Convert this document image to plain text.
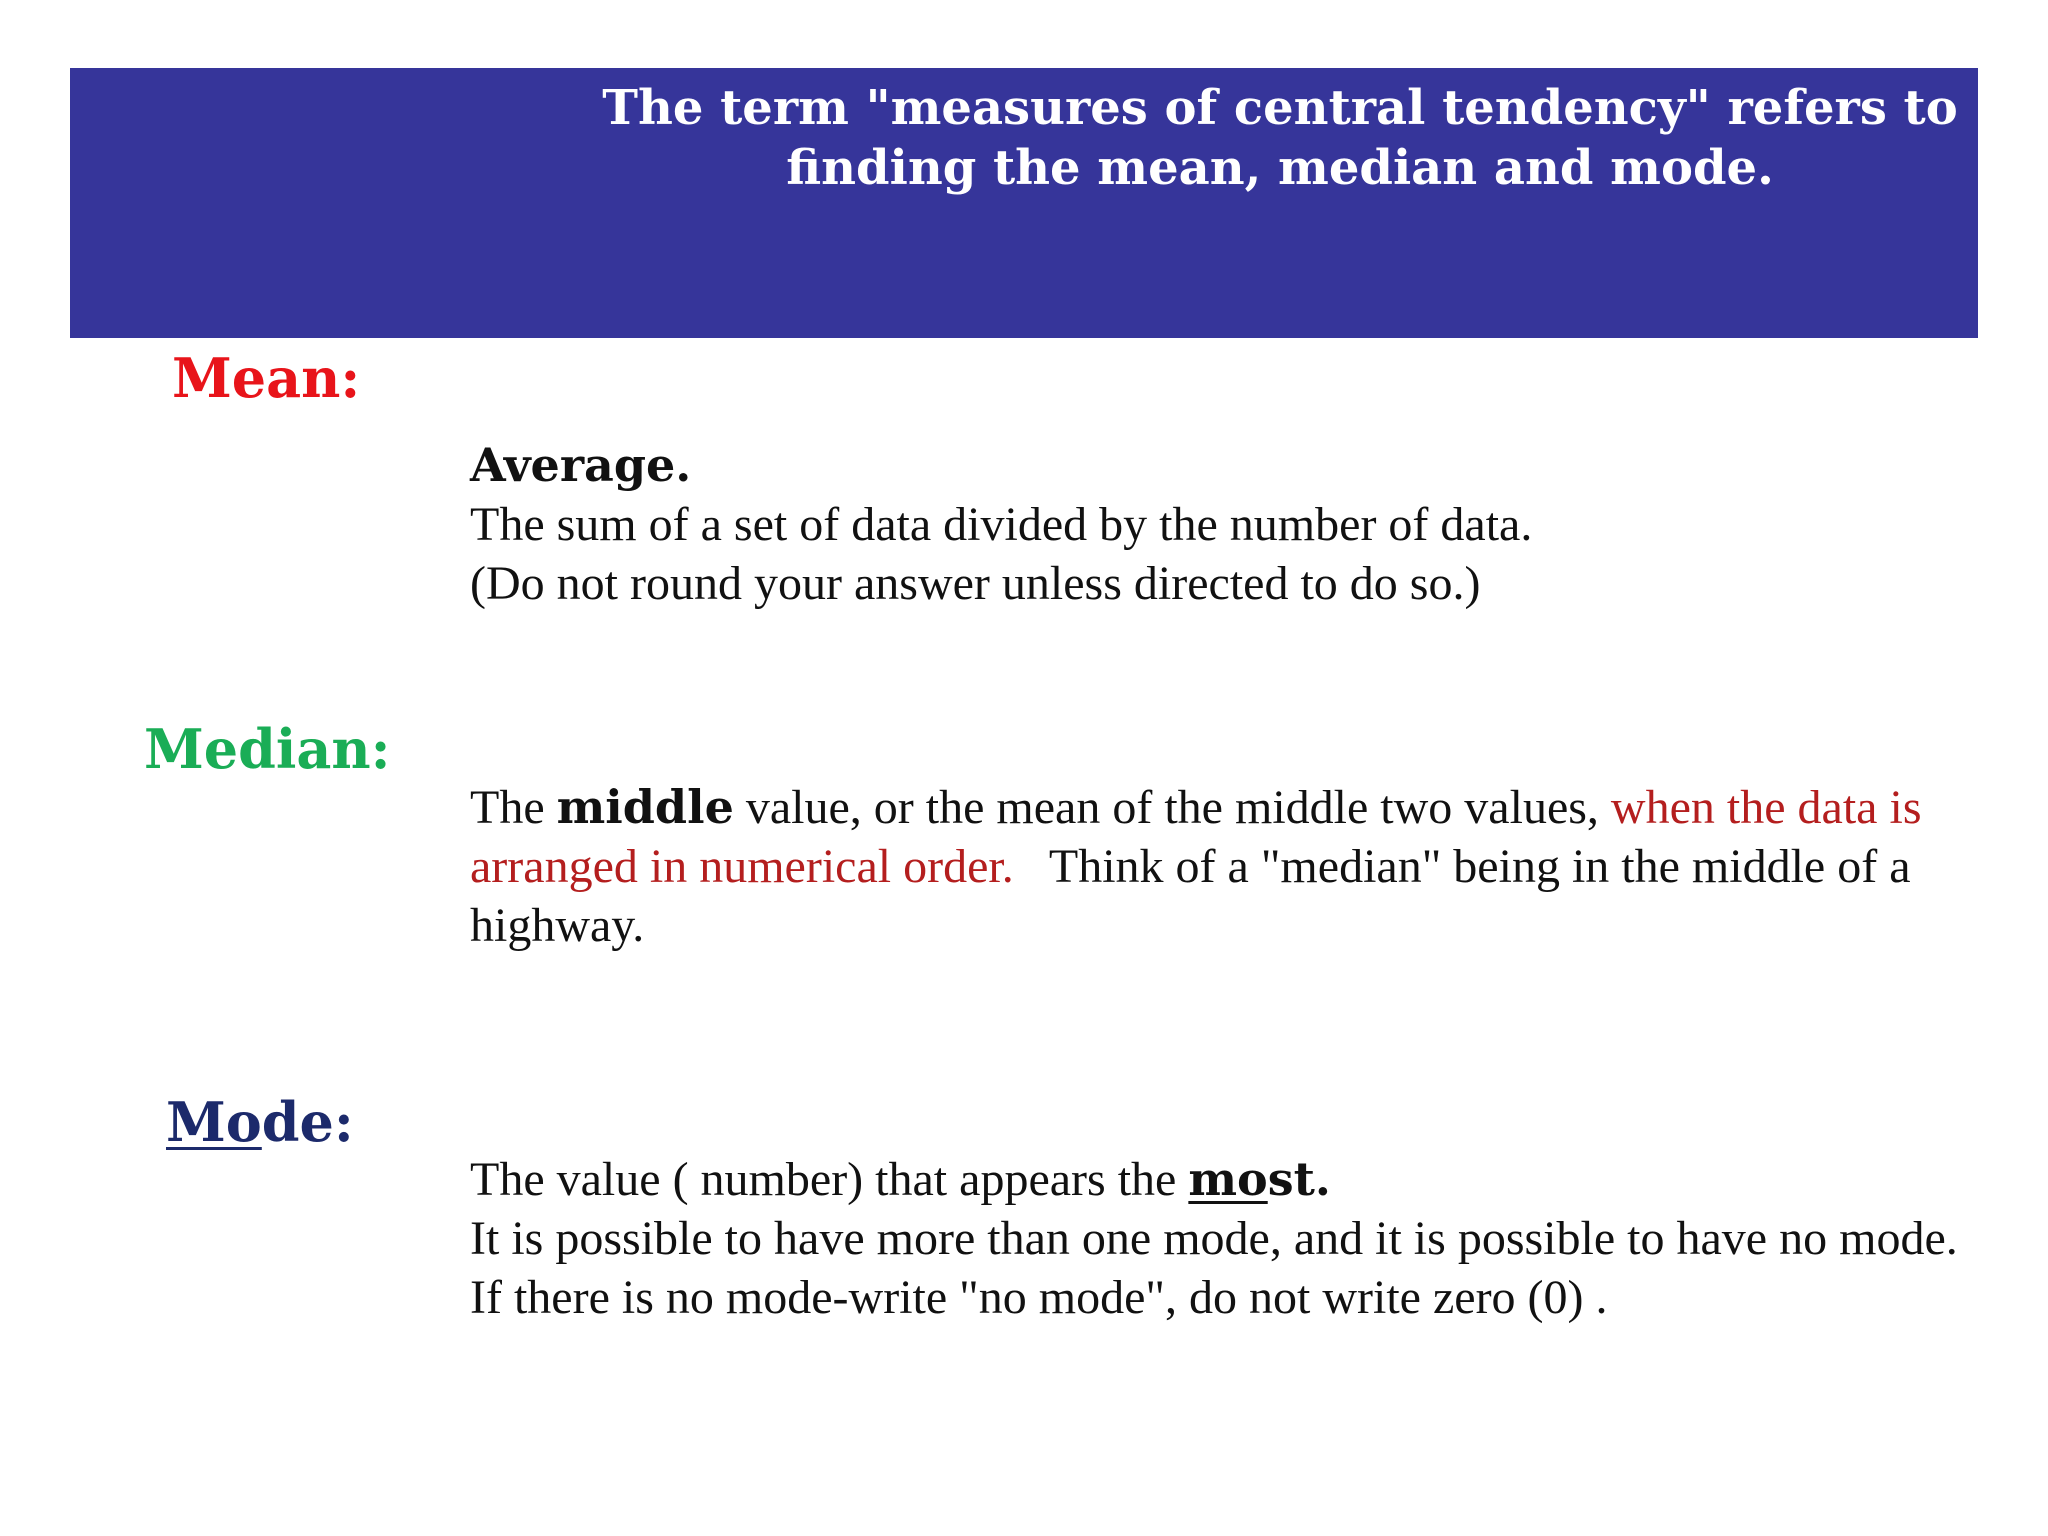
The term "measures of central tendency" refers to
finding the mean, median and mode.
Mean:

Average.

The sum of a set of data divided by the number of data.

(Do not round your answer unless directed to do so.)

Median:

The middle value, or the mean of the middle two values, when the data is arranged in numerical order.   Think of a "median" being in the middle of a highway.

Mode:

The value ( number) that appears the most.

It is possible to have more than one mode, and it is possible to have no mode. If there is no mode-write "no mode", do not write zero (0) .
